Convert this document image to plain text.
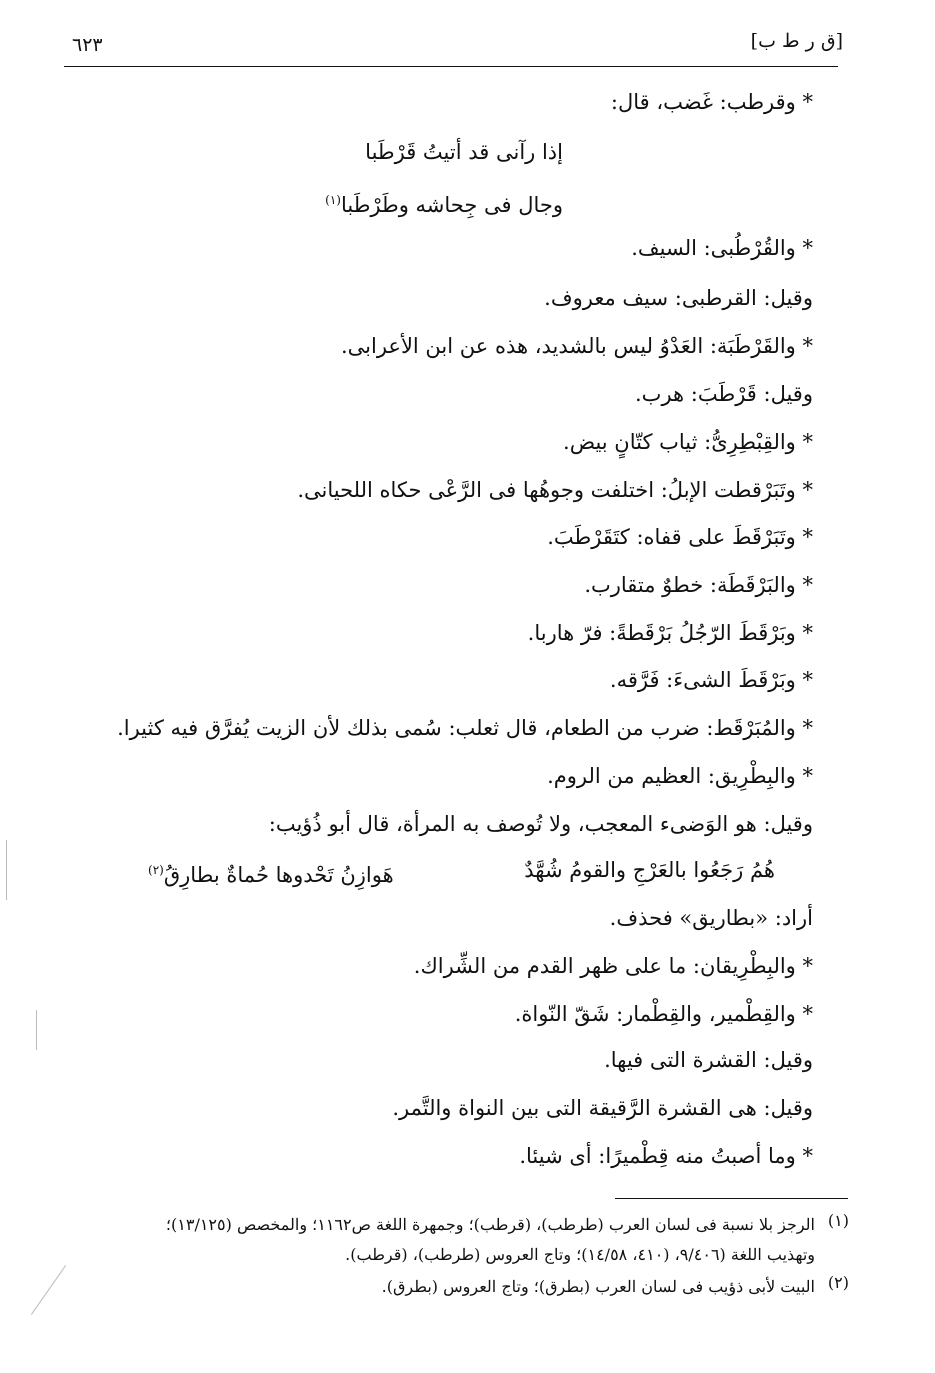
٦٢٣	[ق ر ط ب]
* وقرطب: غَضب، قال:
إذا رآنى قد أتيتُ قَرْطَبا
وجال فى جِحاشه وطَرْطَبا$^{(١)}$
* والقُرْطُبى: السيف.
وقيل: القرطبى: سيف معروف.
* والقَرْطَبَة: العَدْوُ ليس بالشديد، هذه عن ابن الأعرابى.
وقيل: قَرْطَبَ: هرب.
* والقِبْطِرِىُّ: ثياب كتّانٍ بيض.
* وتَبَرْقطت الإبلُ: اختلفت وجوهُها فى الرَّعْى حكاه اللحيانى.
* وتَبَرْقَطَ على قفاه: كتَقَرْطَبَ.
* والبَرْقَطَة: خطوٌ متقارب.
* وبَرْقَطَ الرّجُلُ بَرْقَطةً: فرّ هاربا.
* وبَرْقَطَ الشىءَ: فَرَّقه.
* والمُبَرْقَط: ضرب من الطعام، قال ثعلب: سُمى بذلك لأن الزيت يُفرَّق فيه كثيرا.
* والبِطْرِيق: العظيم من الروم.
وقيل: هو الوَضىء المعجب، ولا تُوصف به المرأة، قال أبو ذُؤيب:
هُمُ رَجَعُوا بالعَرْجِ والقومُ شُهَّدٌ
هَوازِنُ تَحْدوها حُماةٌ بطارِقُ$^{(٢)}$
أراد: «بطاريق» فحذف.
* والبِطْرِيقان: ما على ظهر القدم من الشِّراك.
* والقِطْمير، والقِطْمار: شَقّ النّواة.
وقيل: القشرة التى فيها.
وقيل: هى القشرة الرَّقيقة التى بين النواة والتَّمر.
* وما أصبتُ منه قِطْميرًا: أى شيئا.
(١)
الرجز بلا نسبة فى لسان العرب (طرطب)، (قرطب)؛ وجمهرة اللغة ص١١٦٢؛ والمخصص (١٣/١٢٥)؛
وتهذيب اللغة (٩/٤٠٦، (٤١٠، ١٤/٥٨)؛ وتاج العروس (طرطب)، (قرطب).
(٢)
البيت لأبى ذؤيب فى لسان العرب (بطرق)؛ وتاج العروس (بطرق).
